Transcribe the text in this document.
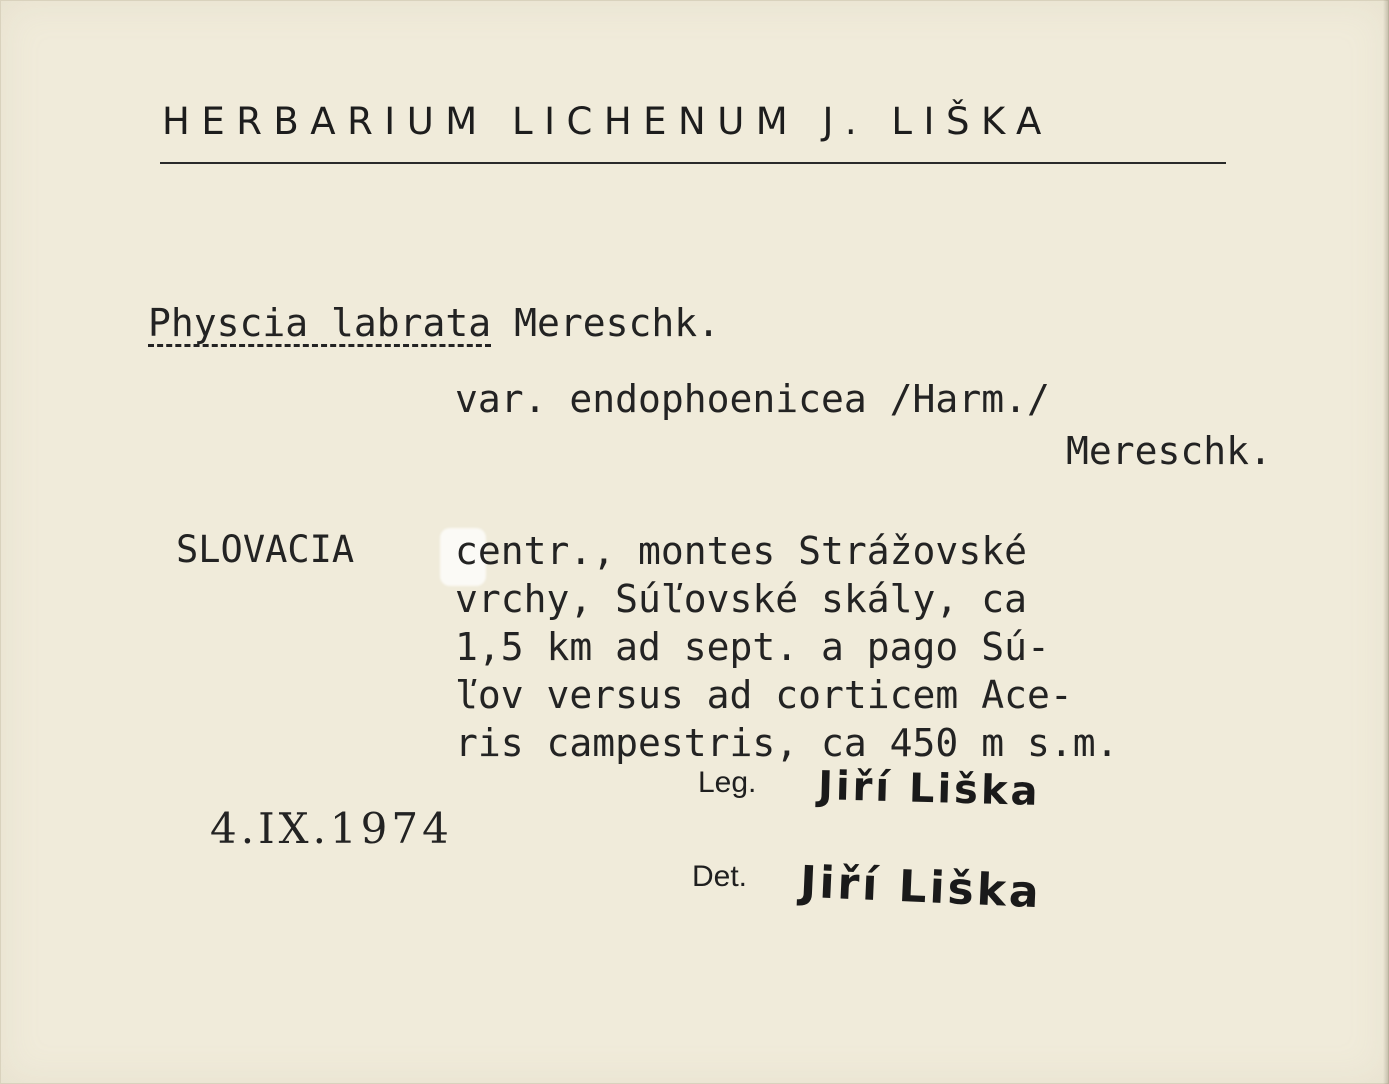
HERBARIUM LICHENUM J. LIŠKA
Physcia labrata Mereschk.
var. endophoenicea /Harm./
Mereschk.
SLOVACIA	centr., montes Strážovské
vrchy, Súľovské skály, ca
1,5 km ad sept. a pago Sú-
ľov versus ad corticem Ace-
ris campestris, ca 450 m s.m.
4.IX.1974
Leg. Jiří Liška
Det. Jiří Liška
